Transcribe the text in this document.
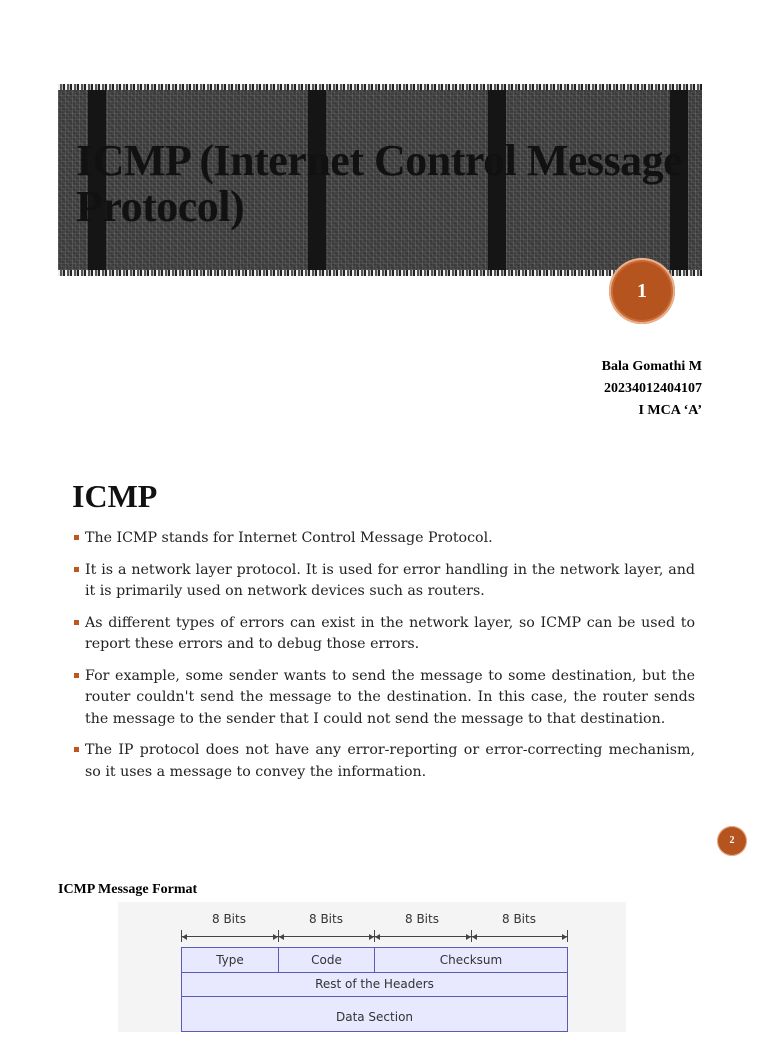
ICMP (Internet Control Message Protocol)
1
Bala Gomathi M
20234012404107
I MCA ‘A’
ICMP
The ICMP stands for Internet Control Message Protocol.
It is a network layer protocol. It is used for error handling in the network layer, and it is primarily used on network devices such as routers.
As different types of errors can exist in the network layer, so ICMP can be used to report these errors and to debug those errors.
For example, some sender wants to send the message to some destination, but the router couldn't send the message to the destination. In this case, the router sends the message to the sender that I could not send the message to that destination.
The IP protocol does not have any error-reporting or error-correcting mechanism, so it uses a message to convey the information.
2
ICMP Message Format
8 Bits	8 Bits	8 Bits	8 Bits
Type	Code	Checksum
Rest of the Headers
Data Section
